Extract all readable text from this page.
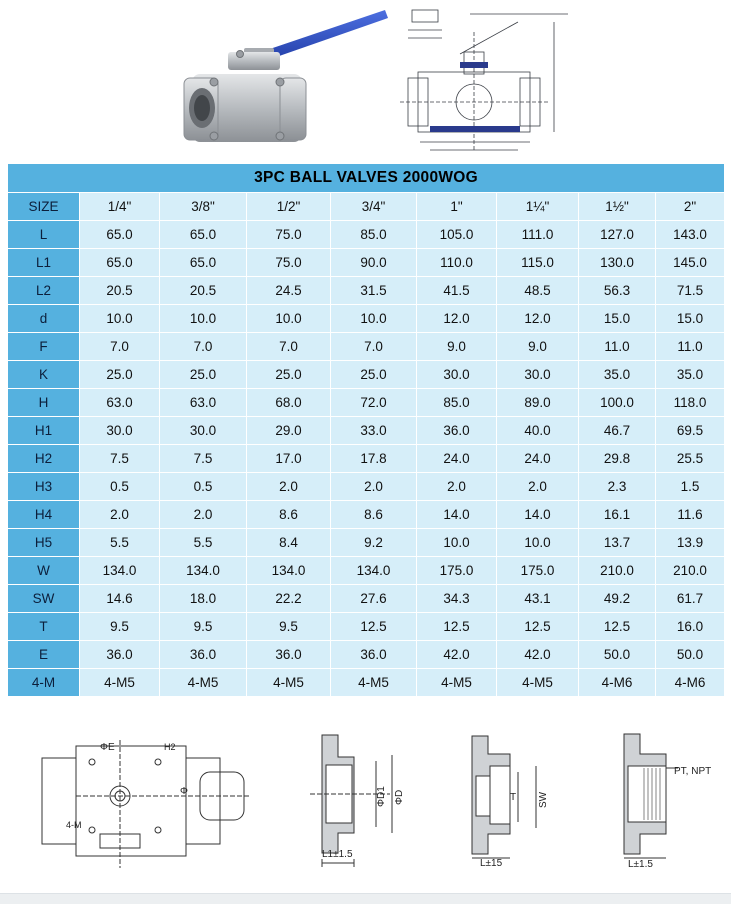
3PC BALL VALVES 2000WOG								
SIZE	1/4"	3/8"	1/2"	3/4"	1"	1¼"	1½"	2"
L	65.0	65.0	75.0	85.0	105.0	111.0	127.0	143.0
L1	65.0	65.0	75.0	90.0	110.0	115.0	130.0	145.0
L2	20.5	20.5	24.5	31.5	41.5	48.5	56.3	71.5
d	10.0	10.0	10.0	10.0	12.0	12.0	15.0	15.0
F	7.0	7.0	7.0	7.0	9.0	9.0	11.0	11.0
K	25.0	25.0	25.0	25.0	30.0	30.0	35.0	35.0
H	63.0	63.0	68.0	72.0	85.0	89.0	100.0	118.0
H1	30.0	30.0	29.0	33.0	36.0	40.0	46.7	69.5
H2	7.5	7.5	17.0	17.8	24.0	24.0	29.8	25.5
H3	0.5	0.5	2.0	2.0	2.0	2.0	2.3	1.5
H4	2.0	2.0	8.6	8.6	14.0	14.0	16.1	11.6
H5	5.5	5.5	8.4	9.2	10.0	10.0	13.7	13.9
W	134.0	134.0	134.0	134.0	175.0	175.0	210.0	210.0
SW	14.6	18.0	22.2	27.6	34.3	43.1	49.2	61.7
T	9.5	9.5	9.5	12.5	12.5	12.5	12.5	16.0
E	36.0	36.0	36.0	36.0	42.0	42.0	50.0	50.0
4-M	4-M5	4-M5	4-M5	4-M5	4-M5	4-M5	4-M6	4-M6
ΦE	H2
Φ
4-M
ΦD1 ΦD
L1±1.5
T SW
L±15
PT, NPT
L±1.5
